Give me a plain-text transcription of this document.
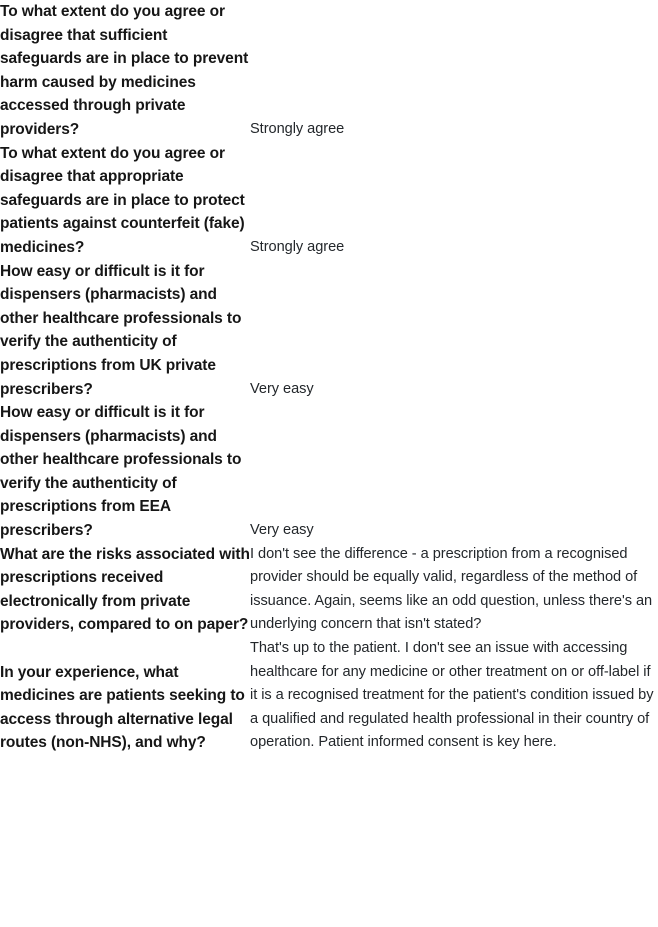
To what extent do you agree or disagree that sufficient safeguards are in place to prevent harm caused by medicines accessed through private providers?	Strongly agree

To what extent do you agree or disagree that appropriate safeguards are in place to protect patients against counterfeit (fake) medicines?	Strongly agree

How easy or difficult is it for dispensers (pharmacists) and other healthcare professionals to verify the authenticity of prescriptions from UK private prescribers?	Very easy

How easy or difficult is it for dispensers (pharmacists) and other healthcare professionals to verify the authenticity of prescriptions from EEA prescribers?	Very easy

What are the risks associated with prescriptions received electronically from private providers, compared to on paper?	I don't see the difference - a prescription from a recognised provider should be equally valid, regardless of the method of issuance. Again, seems like an odd question, unless there's an underlying concern that isn't stated?

In your experience, what medicines are patients seeking to access through alternative legal routes (non-NHS), and why?	That's up to the patient. I don't see an issue with accessing healthcare for any medicine or other treatment on or off-label if it is a recognised treatment for the patient's condition issued by a qualified and regulated health professional in their country of operation. Patient informed consent is key here.
